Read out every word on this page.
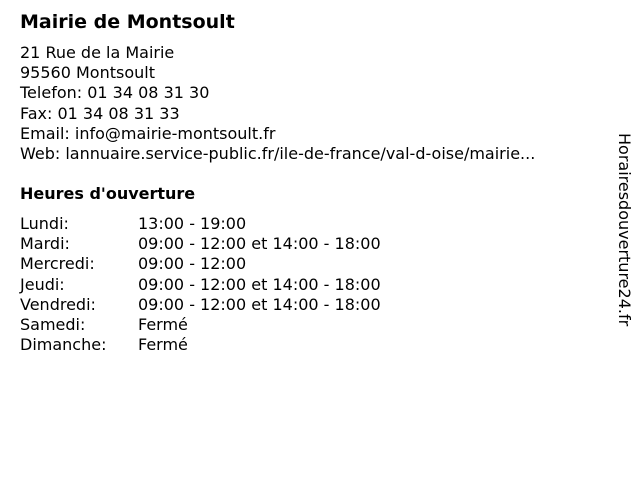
Mairie de Montsoult
21 Rue de la Mairie
95560 Montsoult
Telefon: 01 34 08 31 30
Fax: 01 34 08 31 33
Email: info@mairie-montsoult.fr
Web: lannuaire.service-public.fr/ile-de-france/val-d-oise/mairie...
Heures d'ouverture
Lundi:	13:00 - 19:00
Mardi:	09:00 - 12:00 et 14:00 - 18:00
Mercredi:	09:00 - 12:00
Jeudi:	09:00 - 12:00 et 14:00 - 18:00
Vendredi:	09:00 - 12:00 et 14:00 - 18:00
Samedi:	Fermé
Dimanche: Fermé
Horairesdouverture24.fr
